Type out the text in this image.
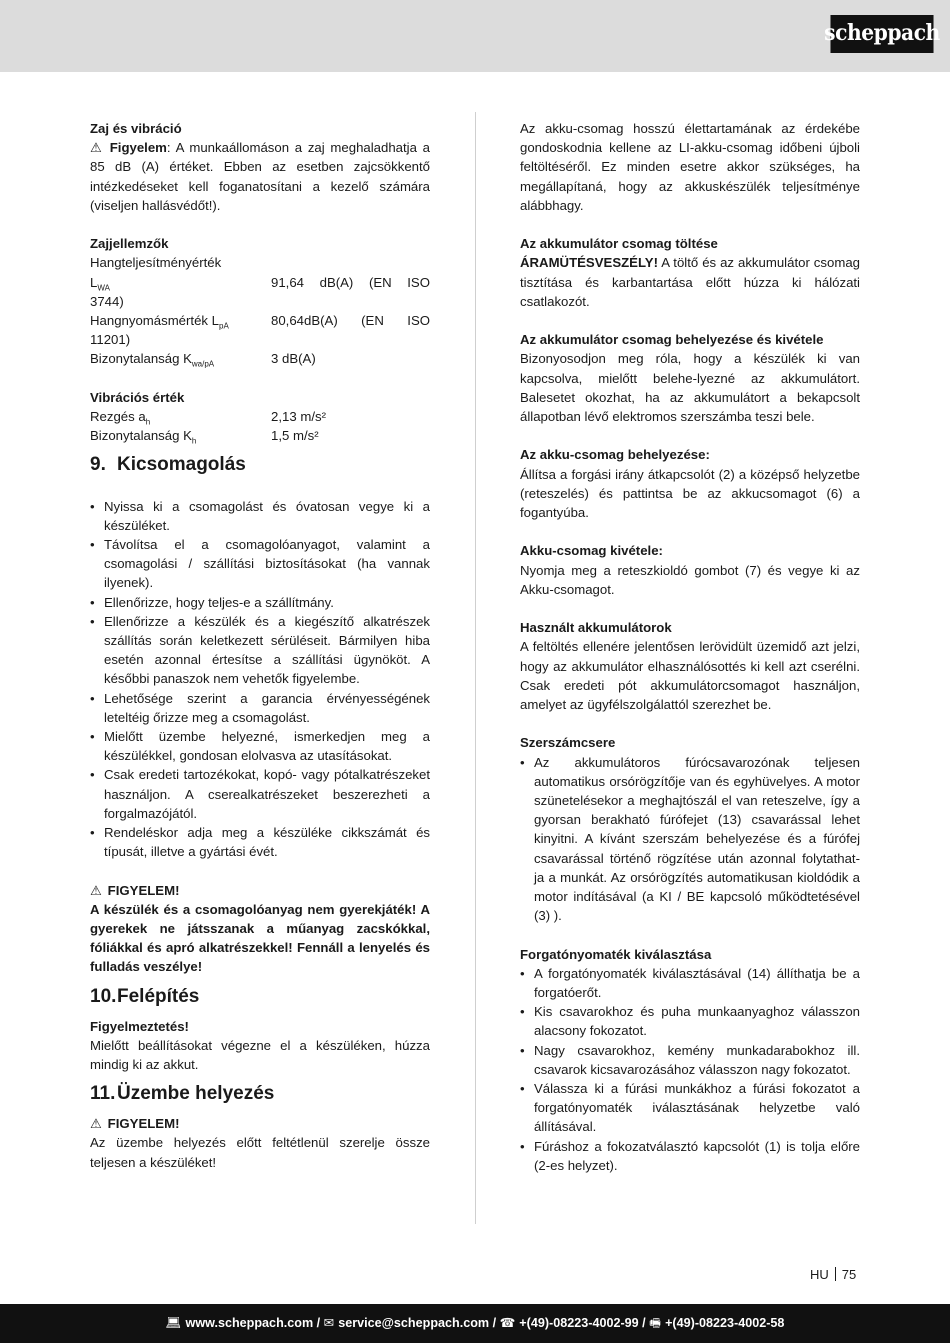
scheppach

Zaj és vibráció

⚠ Figyelem: A munkaállomáson a zaj meghaladhatja a 85 dB (A) értéket. Ebben az esetben zajcsökkentő intézkedéseket kell foganatosítani a kezelő számára (viseljen hallásvédőt!).

Zajjellemzők

Hangteljesítményérték

$L_{WA}$	91,64 dB(A) (EN ISO

3744)

Hangnyomásmérték $L_{pA}$	80,64dB(A) (EN ISO

11201)

Bizonytalanság $K_{wa/pA}$	3 dB(A)

Vibrációs érték

Rezgés $a_h$	2,13 m/s²
Bizonytalanság $K_h$	1,5 m/s²

9. Kicsomagolás

• Nyissa ki a csomagolást és óvatosan vegye ki a készüléket.
• Távolítsa el a csomagolóanyagot, valamint a csomagolási / szállítási biztosításokat (ha vannak ilyenek).
• Ellenőrizze, hogy teljes-e a szállítmány.
• Ellenőrizze a készülék és a kiegészítő alkatrészek szállítás során keletkezett sérüléseit. Bármilyen hiba esetén azonnal értesítse a szállítási ügynököt. A későbbi panaszok nem vehetők figyelembe.
• Lehetősége szerint a garancia érvényességének leteltéig őrizze meg a csomagolást.
• Mielőtt üzembe helyezné, ismerkedjen meg a készülékkel, gondosan elolvasva az utasításokat.
• Csak eredeti tartozékokat, kopó- vagy pótalkatrészeket használjon. A cserealkatrészeket beszerezheti a forgalmazójától.
• Rendeléskor adja meg a készüléke cikkszámát és típusát, illetve a gyártási évét.

⚠ FIGYELEM!

A készülék és a csomagolóanyag nem gyerekjáték! A gyerekek ne játsszanak a műanyag zacskókkal, fóliákkal és apró alkatrészekkel! Fennáll a lenyelés és fulladás veszélye!

10.Felépítés

Figyelmeztetés!

Mielőtt beállításokat végezne el a készüléken, húzza mindig ki az akkut.

11.Üzembe helyezés

⚠ FIGYELEM!

Az üzembe helyezés előtt feltétlenül szerelje össze teljesen a készüléket!

Az akku-csomag hosszú élettartamának az érdekébe gondoskodnia kellene az LI-akku-csomag időbeni újboli feltöltéséről. Ez minden esetre akkor szükséges, ha megállapítaná, hogy az akkuskészülék teljesítménye alábbhagy.

Az akkumulátor csomag töltése

ÁRAMÜTÉSVESZÉLY! A töltő és az akkumulátor csomag tisztítása és karbantartása előtt húzza ki hálózati csatlakozót.

Az akkumulátor csomag behelyezése és kivétele

Bizonyosodjon meg róla, hogy a készülék ki van kapcsolva, mielőtt belehe-lyezné az akkumulátort. Balesetet okozhat, ha az akkumulátort a bekapcsolt állapotban lévő elektromos szerszámba teszi bele.

Az akku-csomag behelyezése:

Állítsa a forgási irány átkapcsolót (2) a középső helyzetbe (reteszelés) és pattintsa be az akkucsomagot (6) a fogantyúba.

Akku-csomag kivétele:

Nyomja meg a reteszkioldó gombot (7) és vegye ki az Akku-csomagot.

Használt akkumulátorok

A feltöltés ellenére jelentősen lerövidült üzemidő azt jelzi, hogy az akkumulátor elhasználósottés ki kell azt cserélni. Csak eredeti pót akkumulátorcsomagot használjon, amelyet az ügyfélszolgálattól szerezhet be.

Szerszámcsere

• Az akkumulátoros fúrócsavarozónak teljesen automatikus orsórögzítője van és egyhüvelyes. A motor szünetelésekor a meghajtószál el van reteszelve, így a gyorsan berakható fúrófejet (13) csavarással lehet kinyitni. A kívánt szerszám behelyezése és a fúrófej csavarással történő rögzítése után azonnal folytathat- ja a munkát. Az orsórögzítés automatikusan kioldódik a motor indításával (a KI / BE kapcsoló működtetésével (3) ).

Forgatónyomaték kiválasztása

• A forgatónyomaték kiválasztásával (14) állíthatja be a forgatóerőt.
• Kis csavarokhoz és puha munkaanyaghoz válasszon alacsony fokozatot.
• Nagy csavarokhoz, kemény munkadarabokhoz ill. csavarok kicsavarozásához válasszon nagy fokozatot.
• Válassza ki a fúrási munkákhoz a fúrási fokozatot a forgatónyomaték iválasztásának helyzetbe való állításával.
• Fúráshoz a fokozatválasztó kapcsolót (1) is tolja előre (2-es helyzet).
HU 75
💻︎ www.scheppach.com /
✉ service@scheppach.com /
☎ +(49)-08223-4002-99 /
🖷︎ +(49)-08223-4002-58
